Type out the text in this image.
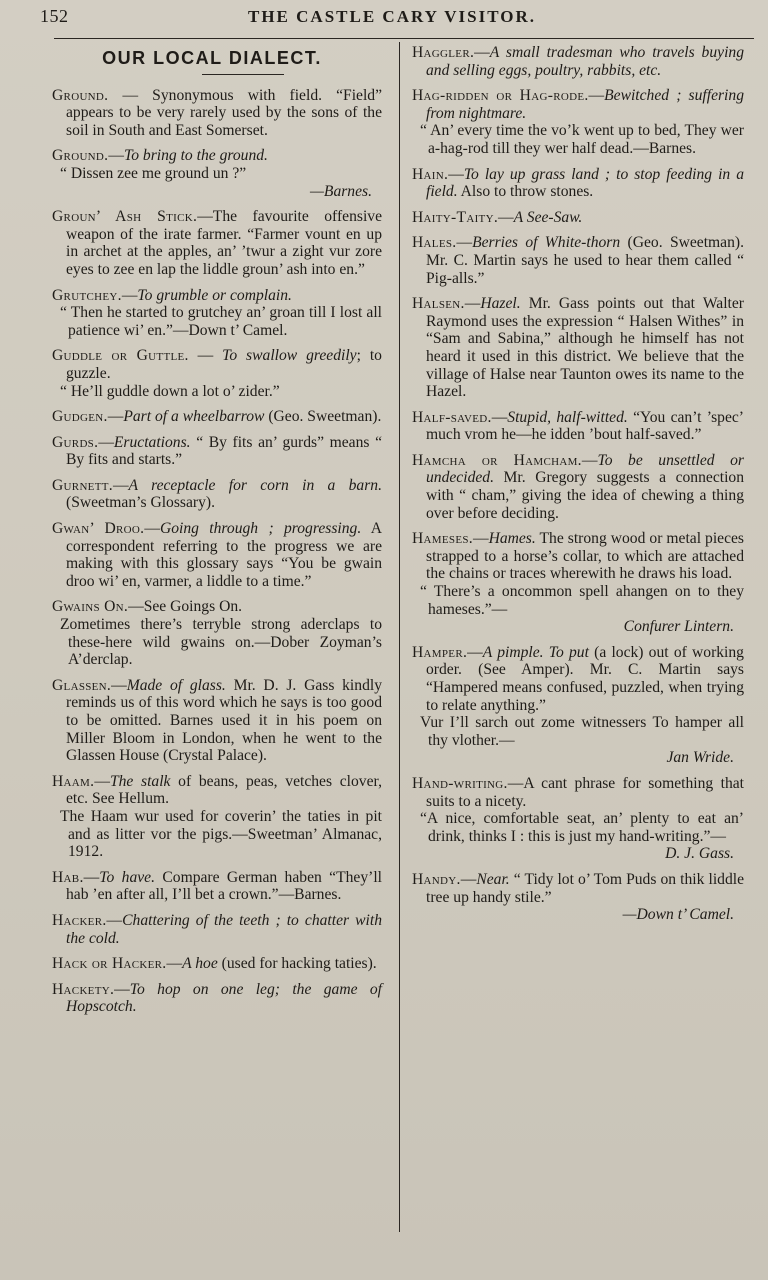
152	THE CASTLE CARY VISITOR.
OUR LOCAL DIALECT.

Ground. — Synonymous with field. “Field” appears to be very rarely used by the sons of the soil in South and East Somerset.

Ground.—To bring to the ground.

“ Dissen zee me ground un ?”

—Barnes.

Groun’ Ash Stick.—The favourite offensive weapon of the irate farmer. “Farmer vount en up in archet at the apples, an’ ’twur a zight vur zore eyes to zee en lap the liddle groun’ ash into en.”

Grutchey.—To grumble or complain.

“ Then he started to grutchey an’ groan till I lost all patience wi’ en.”—Down t’ Camel.

Guddle or Guttle. — To swallow greedily; to guzzle.

“ He’ll guddle down a lot o’ zider.”

Gudgen.—Part of a wheelbarrow (Geo. Sweetman).

Gurds.—Eructations. “ By fits an’ gurds” means “ By fits and starts.”

Gurnett.—A receptacle for corn in a barn. (Sweetman’s Glossary).

Gwan’ Droo.—Going through ; progressing. A correspondent referring to the progress we are making with this glossary says “You be gwain droo wi’ en, varmer, a liddle to a time.”

Gwains On.—See Goings On.

Zometimes there’s terryble strong aderclaps to these-here wild gwains on.—Dober Zoyman’s A’derclap.

Glassen.—Made of glass. Mr. D. J. Gass kindly reminds us of this word which he says is too good to be omitted. Barnes used it in his poem on Miller Bloom in London, when he went to the Glassen House (Crystal Palace).

Haam.—The stalk of beans, peas, vetches clover, etc. See Hellum.

The Haam wur used for coverin’ the taties in pit and as litter vor the pigs.—Sweetman’ Almanac, 1912.

Hab.—To have. Compare German haben “They’ll hab ’en after all, I’ll bet a crown.”—Barnes.

Hacker.—Chattering of the teeth ; to chatter with the cold.

Hack or Hacker.—A hoe (used for hacking taties).

Hackety.—To hop on one leg; the game of Hopscotch.

Haggler.—A small tradesman who travels buying and selling eggs, poultry, rabbits, etc.

Hag-ridden or Hag-rode.—Bewitched ; suffering from nightmare.

“ An’ every time the vo’k went up to bed, They wer a-hag-rod till they wer half dead.—Barnes.

Hain.—To lay up grass land ; to stop feeding in a field. Also to throw stones.

Haity-Taity.—A See-Saw.

Hales.—Berries of White-thorn (Geo. Sweetman). Mr. C. Martin says he used to hear them called “ Pig-alls.”

Halsen.—Hazel. Mr. Gass points out that Walter Raymond uses the expression “ Halsen Withes” in “Sam and Sabina,” although he himself has not heard it used in this district. We believe that the village of Halse near Taunton owes its name to the Hazel.

Half-saved.—Stupid, half-witted. “You can’t ’spec’ much vrom he—he idden ’bout half-saved.”

Hamcha or Hamcham.—To be unsettled or undecided. Mr. Gregory suggests a connection with “ cham,” giving the idea of chewing a thing over before deciding.

Hameses.—Hames. The strong wood or metal pieces strapped to a horse’s collar, to which are attached the chains or traces wherewith he draws his load.

“ There’s a oncommon spell ahangen on to they hameses.”—

Confurer Lintern.

Hamper.—A pimple. To put (a lock) out of working order. (See Amper). Mr. C. Martin says “Hampered means confused, puzzled, when trying to relate anything.”

Vur I’ll sarch out zome witnessers To hamper all thy vlother.—

Jan Wride.

Hand-writing.—A cant phrase for something that suits to a nicety.

“A nice, comfortable seat, an’ plenty to eat an’ drink, thinks I : this is just my hand-writing.”—

D. J. Gass.

Handy.—Near. “ Tidy lot o’ Tom Puds on thik liddle tree up handy stile.”

—Down t’ Camel.
